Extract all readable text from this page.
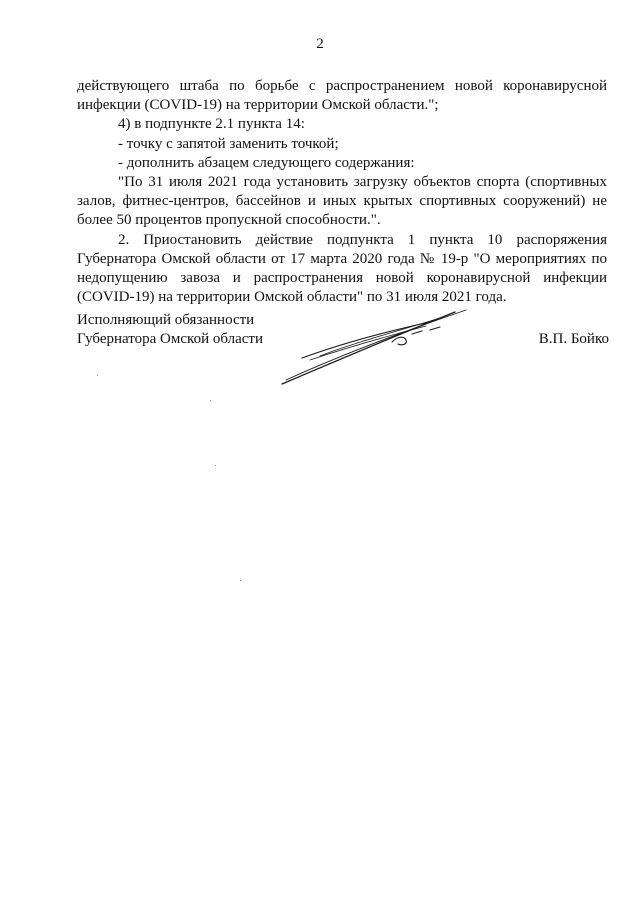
2

действующего штаба по борьбе с распространением новой коронавирусной инфекции (COVID-19) на территории Омской области.";

4) в подпункте 2.1 пункта 14:

- точку с запятой заменить точкой;

- дополнить абзацем следующего содержания:

"По 31 июля 2021 года установить загрузку объектов спорта (спортивных залов, фитнес-центров, бассейнов и иных крытых спортивных сооружений) не более 50 процентов пропускной способности.".

2. Приостановить действие подпункта 1 пункта 10 распоряжения Губернатора Омской области от 17 марта 2020 года № 19-р "О мероприятиях по недопущению завоза и распространения новой коронавирусной инфекции (COVID-19) на территории Омской области" по 31 июля 2021 года.

Исполняющий обязанности
Губернатора Омской области	В.П. Бойко
